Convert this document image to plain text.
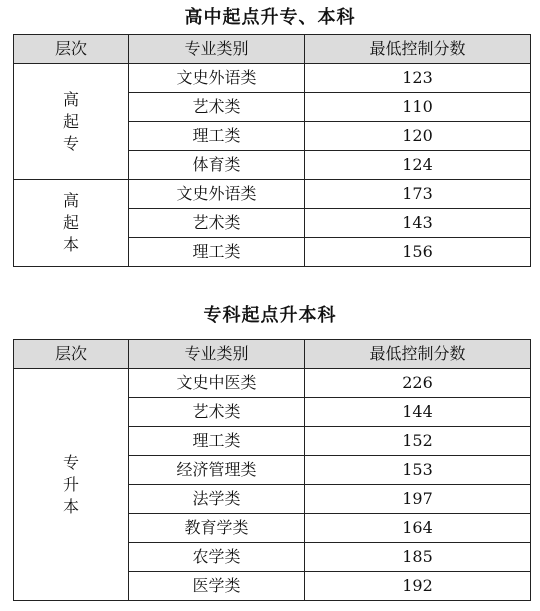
高中起点升专、本科
层次	专业类别	最低控制分数

高
起
专	文史外语类	123
	艺术类	110
	理工类	120
	体育类	124

高
起
本	文史外语类	173
	艺术类	143
	理工类	156
专科起点升本科
层次	专业类别	最低控制分数

专
升
本	文史中医类	226
	艺术类	144
	理工类	152
	经济管理类	153
	法学类	197
	教育学类	164
	农学类	185
	医学类	192
